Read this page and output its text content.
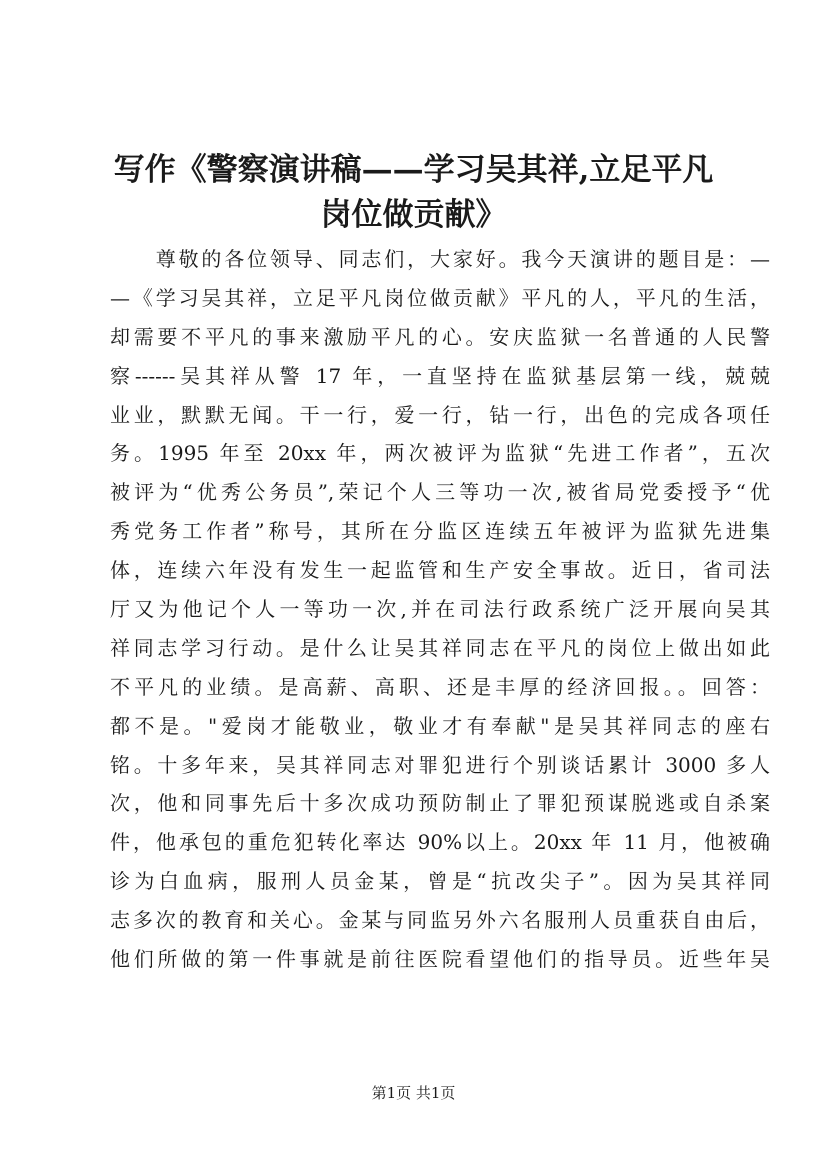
写作《警察演讲稿——学习吴其祥,立足平凡
岗位做贡献》
　　尊敬的各位领导、同志们，大家好。我今天演讲的题目是：—
—《学习吴其祥，立足平凡岗位做贡献》平凡的人，平凡的生活，
却需要不平凡的事来激励平凡的心。安庆监狱一名普通的人民警
察------吴其祥从警 17 年，一直坚持在监狱基层第一线，兢兢
业业，默默无闻。干一行，爱一行，钻一行，出色的完成各项任
务。1995 年至 20xx 年，两次被评为监狱“先进工作者”，五次
被评为“优秀公务员”,荣记个人三等功一次,被省局党委授予“优
秀党务工作者”称号，其所在分监区连续五年被评为监狱先进集
体，连续六年没有发生一起监管和生产安全事故。近日，省司法
厅又为他记个人一等功一次,并在司法行政系统广泛开展向吴其
祥同志学习行动。是什么让吴其祥同志在平凡的岗位上做出如此
不平凡的业绩。是高薪、高职、还是丰厚的经济回报。。回答：
都不是。"爱岗才能敬业，敬业才有奉献"是吴其祥同志的座右
铭。十多年来，吴其祥同志对罪犯进行个别谈话累计 3000 多人
次，他和同事先后十多次成功预防制止了罪犯预谋脱逃或自杀案
件，他承包的重危犯转化率达 90%以上。20xx 年 11 月，他被确
诊为白血病，服刑人员金某，曾是“抗改尖子”。因为吴其祥同
志多次的教育和关心。金某与同监另外六名服刑人员重获自由后，
他们所做的第一件事就是前往医院看望他们的指导员。近些年吴
第1页 共1页
